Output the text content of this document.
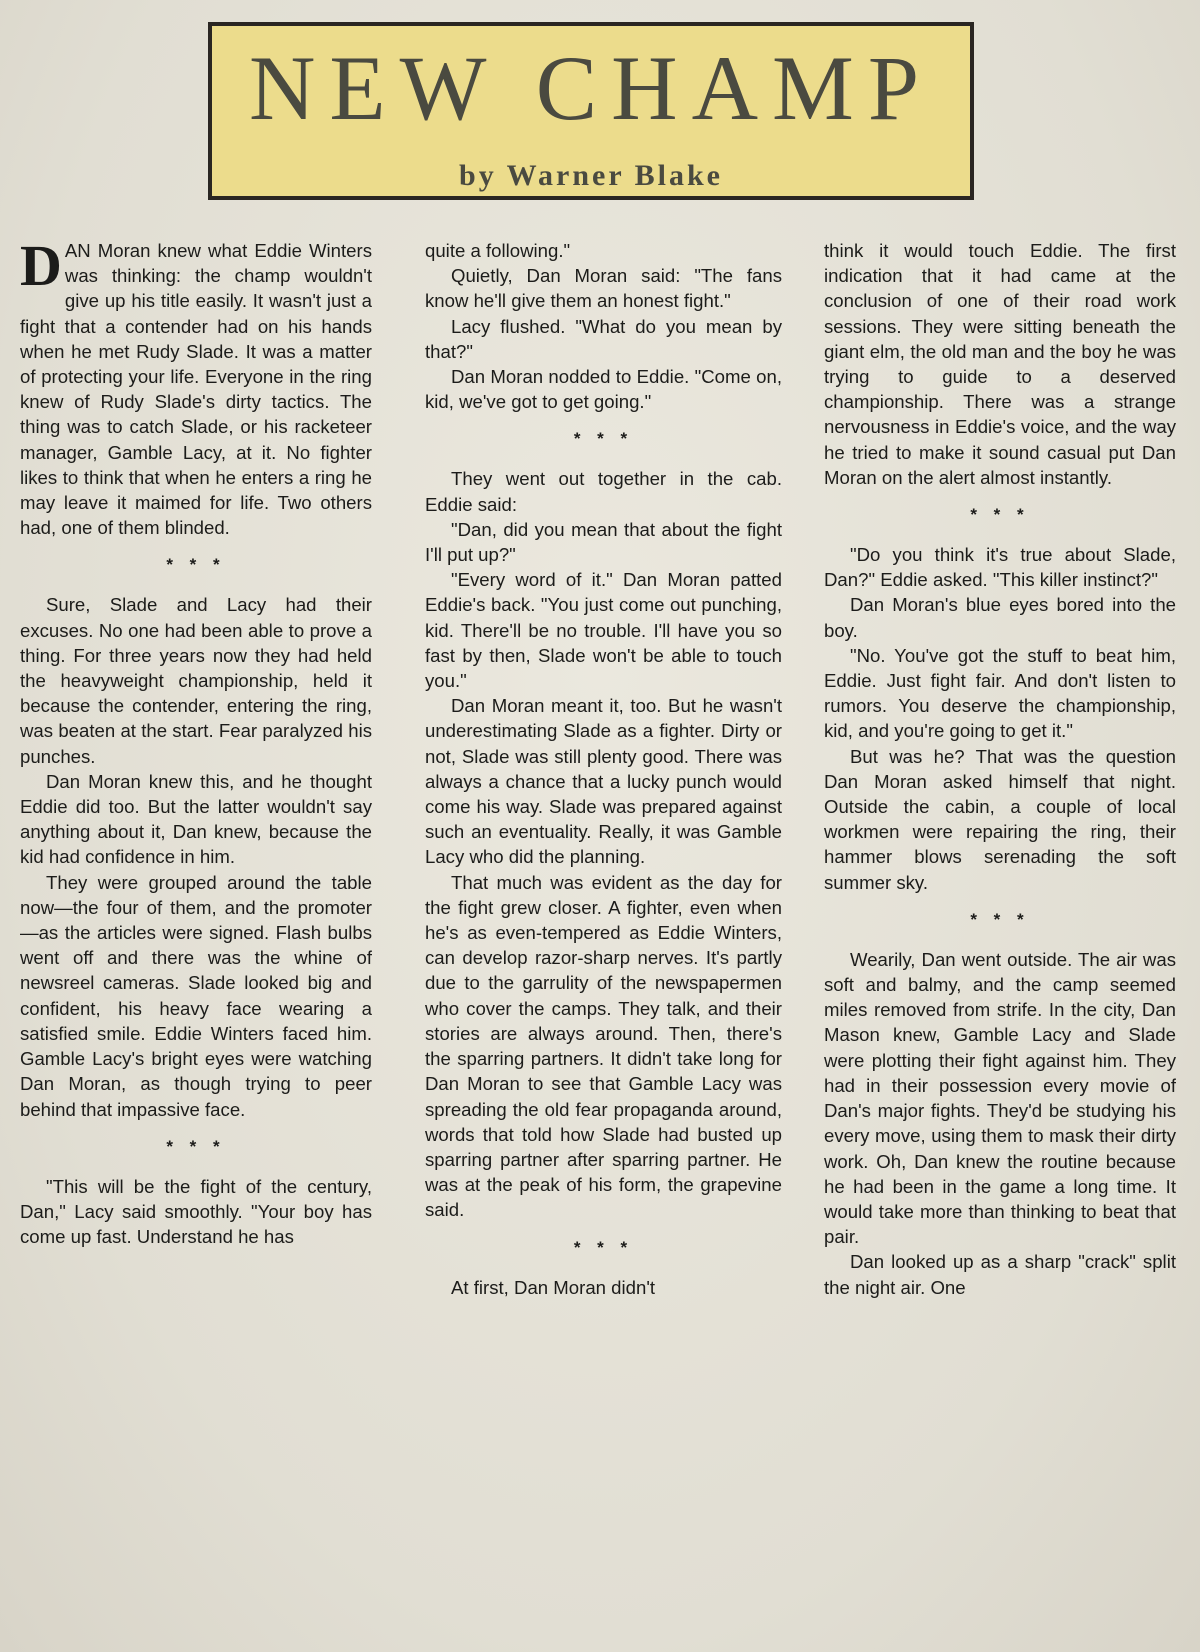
NEW CHAMP
by Warner Blake

DAN Moran knew what Eddie Winters was thinking: the champ wouldn't give up his title easily. It wasn't just a fight that a contender had on his hands when he met Rudy Slade. It was a matter of protecting your life. Everyone in the ring knew of Rudy Slade's dirty tactics. The thing was to catch Slade, or his racketeer manager, Gamble Lacy, at it. No fighter likes to think that when he enters a ring he may leave it maimed for life. Two others had, one of them blinded.

* * *

Sure, Slade and Lacy had their excuses. No one had been able to prove a thing. For three years now they had held the heavyweight championship, held it because the contender, entering the ring, was beaten at the start. Fear paralyzed his punches.

Dan Moran knew this, and he thought Eddie did too. But the latter wouldn't say anything about it, Dan knew, because the kid had confidence in him.

They were grouped around the table now—the four of them, and the promoter—as the articles were signed. Flash bulbs went off and there was the whine of newsreel cameras. Slade looked big and confident, his heavy face wearing a satisfied smile. Eddie Winters faced him. Gamble Lacy's bright eyes were watching Dan Moran, as though trying to peer behind that impassive face.

* * *

"This will be the fight of the century, Dan," Lacy said smoothly. "Your boy has come up fast. Understand he has

quite a following."

Quietly, Dan Moran said: "The fans know he'll give them an honest fight."

Lacy flushed. "What do you mean by that?"

Dan Moran nodded to Eddie. "Come on, kid, we've got to get going."

* * *

They went out together in the cab. Eddie said:

"Dan, did you mean that about the fight I'll put up?"

"Every word of it." Dan Moran patted Eddie's back. "You just come out punching, kid. There'll be no trouble. I'll have you so fast by then, Slade won't be able to touch you."

Dan Moran meant it, too. But he wasn't underestimating Slade as a fighter. Dirty or not, Slade was still plenty good. There was always a chance that a lucky punch would come his way. Slade was prepared against such an eventuality. Really, it was Gamble Lacy who did the planning.

That much was evident as the day for the fight grew closer. A fighter, even when he's as even-tempered as Eddie Winters, can develop razor-sharp nerves. It's partly due to the garrulity of the newspapermen who cover the camps. They talk, and their stories are always around. Then, there's the sparring partners. It didn't take long for Dan Moran to see that Gamble Lacy was spreading the old fear propaganda around, words that told how Slade had busted up sparring partner after sparring partner. He was at the peak of his form, the grapevine said.

* * *

At first, Dan Moran didn't

think it would touch Eddie. The first indication that it had came at the conclusion of one of their road work sessions. They were sitting beneath the giant elm, the old man and the boy he was trying to guide to a deserved championship. There was a strange nervousness in Eddie's voice, and the way he tried to make it sound casual put Dan Moran on the alert almost instantly.

* * *

"Do you think it's true about Slade, Dan?" Eddie asked. "This killer instinct?"

Dan Moran's blue eyes bored into the boy.

"No. You've got the stuff to beat him, Eddie. Just fight fair. And don't listen to rumors. You deserve the championship, kid, and you're going to get it."

But was he? That was the question Dan Moran asked himself that night. Outside the cabin, a couple of local workmen were repairing the ring, their hammer blows serenading the soft summer sky.

* * *

Wearily, Dan went outside. The air was soft and balmy, and the camp seemed miles removed from strife. In the city, Dan Mason knew, Gamble Lacy and Slade were plotting their fight against him. They had in their possession every movie of Dan's major fights. They'd be studying his every move, using them to mask their dirty work. Oh, Dan knew the routine because he had been in the game a long time. It would take more than thinking to beat that pair.

Dan looked up as a sharp "crack" split the night air. One
